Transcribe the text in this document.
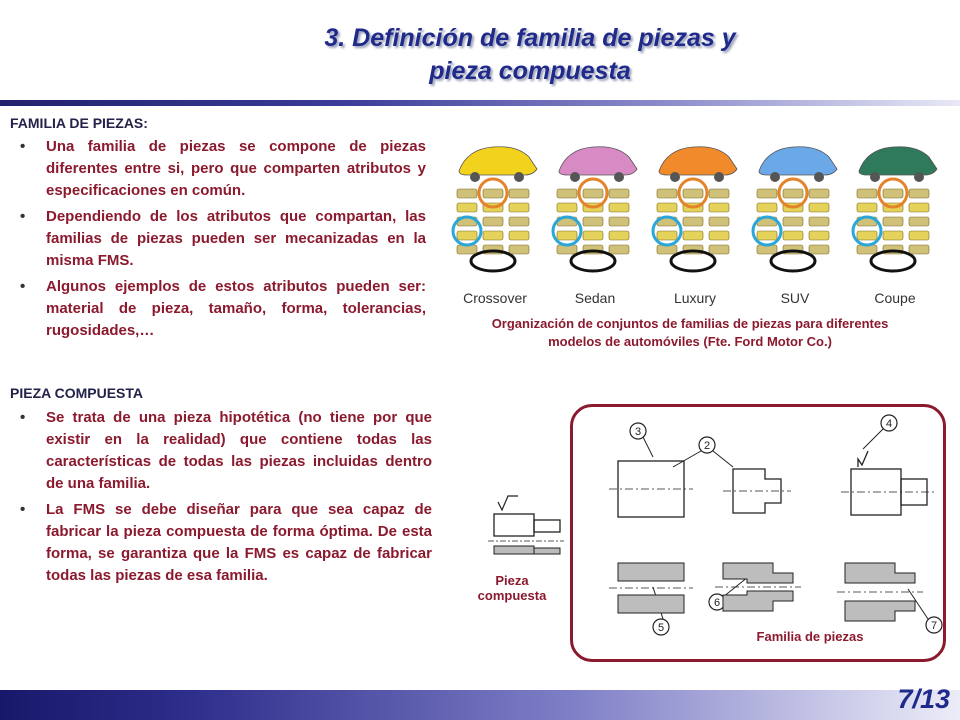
3. Definición de familia de piezas y
pieza compuesta
FAMILIA DE PIEZAS:
• Una familia de piezas se compone de piezas diferentes entre si, pero que comparten atributos y especificaciones en común.
• Dependiendo de los atributos que compartan, las familias de piezas pueden ser mecanizadas en la misma FMS.
• Algunos ejemplos de estos atributos pueden ser: material de pieza, tamaño, forma, tolerancias, rugosidades,…
PIEZA COMPUESTA
• Se trata de una pieza hipotética (no tiene por que existir en la realidad) que contiene todas las características de todas las piezas incluidas dentro de una familia.
• La FMS se debe diseñar para que sea capaz de fabricar la pieza compuesta de forma óptima. De esta forma, se garantiza que la FMS es capaz de fabricar todas las piezas de esa familia.
Crossover	Sedan	Luxury	SUV	Coupe
Organización de conjuntos de familias de piezas para diferentes
modelos de automóviles (Fte. Ford Motor Co.)
Pieza
compuesta
3
2
4
6
5	7
Familia de piezas
7/13
